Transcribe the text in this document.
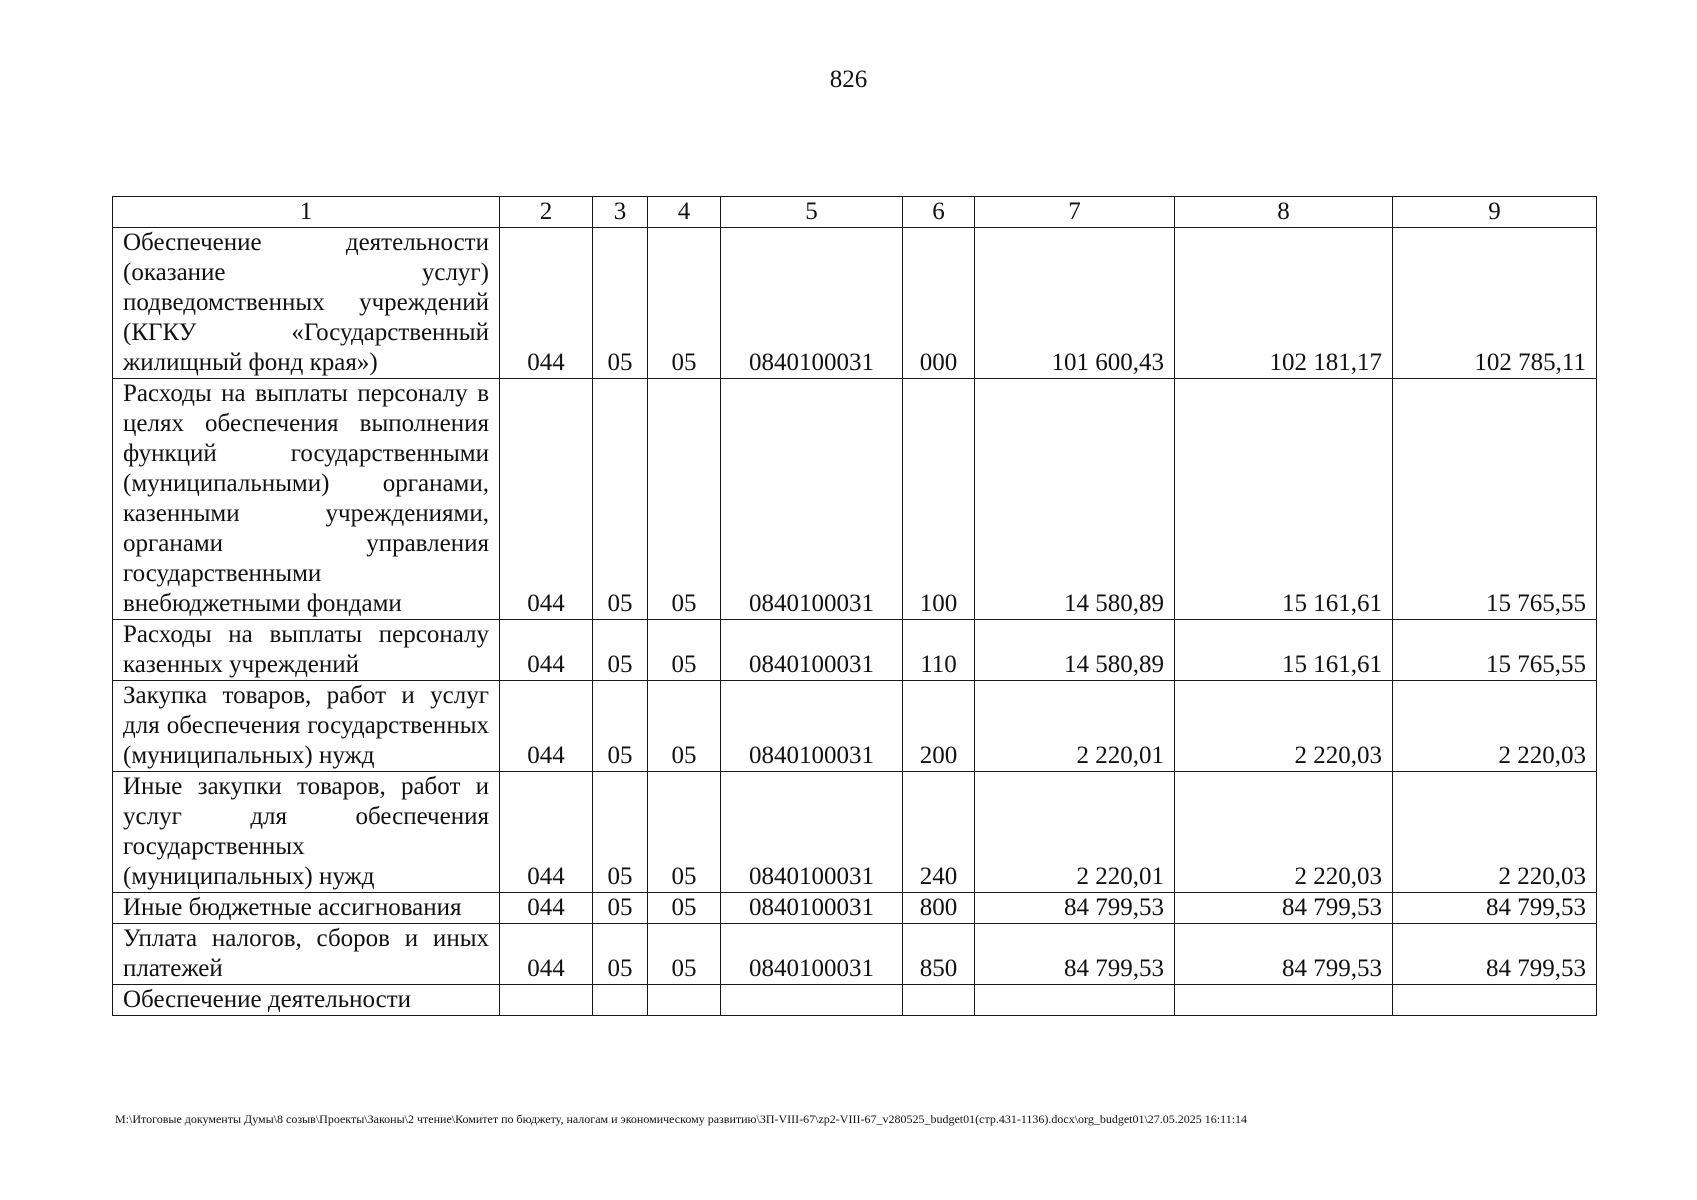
826
1	2	3	4	5	6	7	8	9
Обеспечение деятельности (оказание услуг) подведомственных учреждений (КГКУ «Государственный жилищный фонд края»)	044	05	05	0840100031	000	101 600,43	102 181,17	102 785,11
Расходы на выплаты персоналу в целях обеспечения выполнения функций государственными (муниципальными) органами, казенными учреждениями, органами управления государственными внебюджетными фондами	044	05	05	0840100031	100	14 580,89	15 161,61	15 765,55
Расходы на выплаты персоналу казенных учреждений	044	05	05	0840100031	110	14 580,89	15 161,61	15 765,55
Закупка товаров, работ и услуг для обеспечения государственных (муниципальных) нужд	044	05	05	0840100031	200	2 220,01	2 220,03	2 220,03
Иные закупки товаров, работ и услуг для обеспечения государственных (муниципальных) нужд	044	05	05	0840100031	240	2 220,01	2 220,03	2 220,03
Иные бюджетные ассигнования	044	05	05	0840100031	800	84 799,53	84 799,53	84 799,53
Уплата налогов, сборов и иных платежей	044	05	05	0840100031	850	84 799,53	84 799,53	84 799,53
Обеспечение деятельности								
M:\Итоговые документы Думы\8 созыв\Проекты\Законы\2 чтение\Комитет по бюджету, налогам и экономическому развитию\ЗП-VIII-67\zp2-VIII-67_v280525_budget01(стр.431-1136).docx\org_budget01\27.05.2025 16:11:14
